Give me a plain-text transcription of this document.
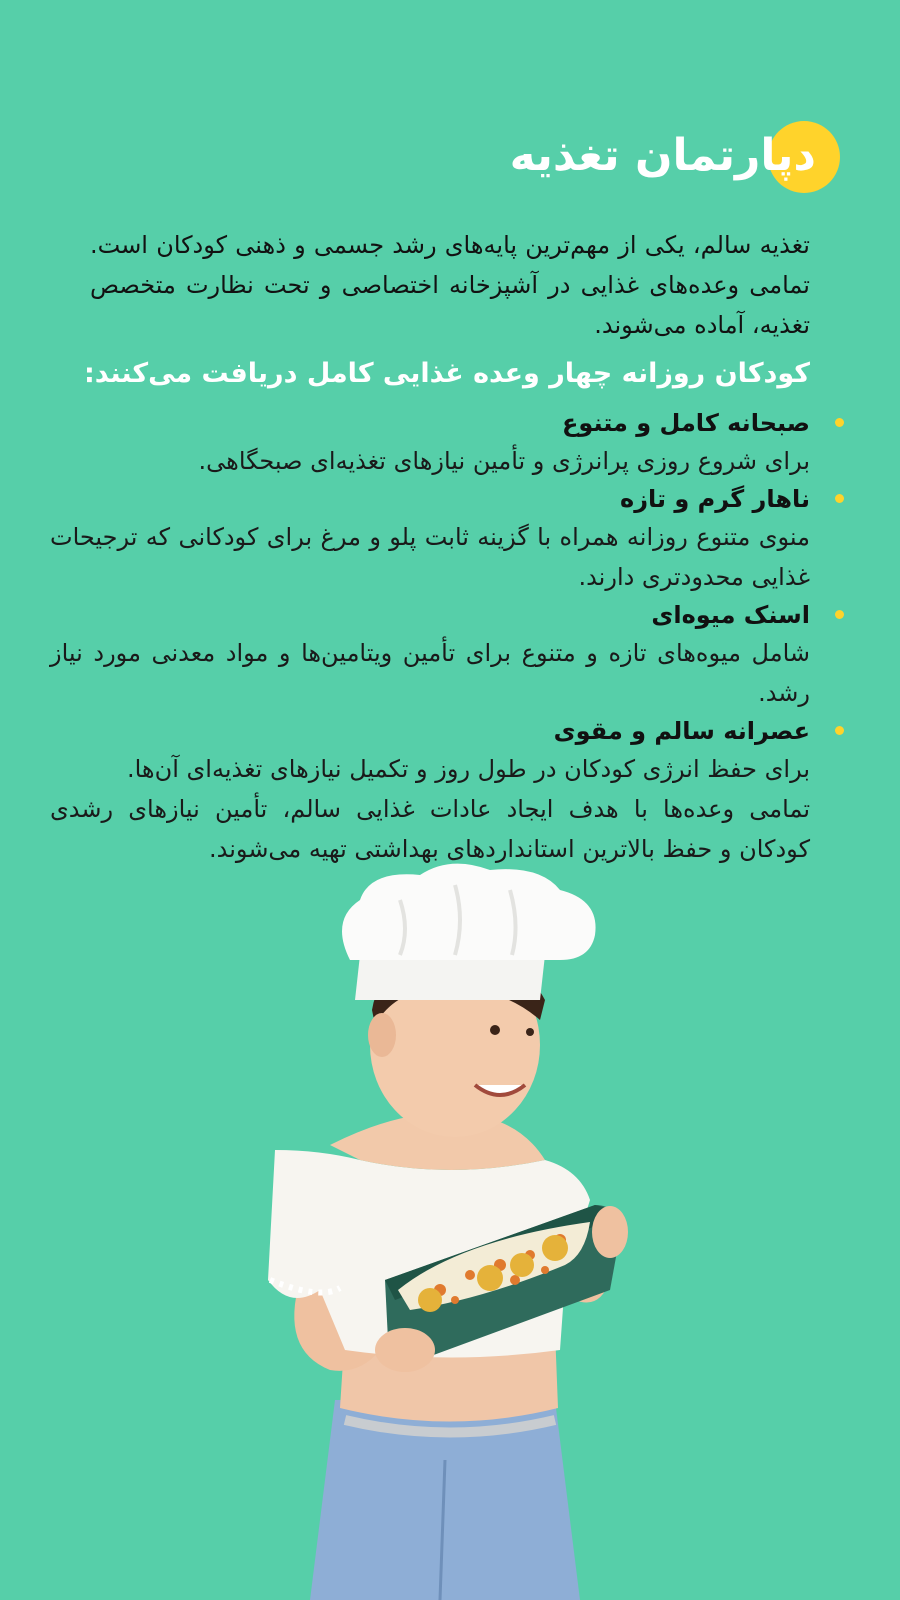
دپارتمان تغذیه

تغذیه سالم، یکی از مهم‌ترین پایه‌های رشد جسمی و ذهنی کودکان است. تمامی وعده‌های غذایی در آشپزخانه اختصاصی و تحت نظارت متخصص تغذیه، آماده می‌شوند.

کودکان روزانه چهار وعده غذایی کامل دریافت می‌کنند:
صبحانه کامل و متنوع
برای شروع روزی پرانرژی و تأمین نیازهای تغذیه‌ای صبحگاهی.
ناهار گرم و تازه
منوی متنوع روزانه همراه با گزینه ثابت پلو و مرغ برای کودکانی که ترجیحات غذایی محدودتری دارند.
اسنک میوه‌ای
شامل میوه‌های تازه و متنوع برای تأمین ویتامین‌ها و مواد معدنی مورد نیاز رشد.
عصرانه سالم و مقوی
برای حفظ انرژی کودکان در طول روز و تکمیل نیازهای تغذیه‌ای آن‌ها.

تمامی وعده‌ها با هدف ایجاد عادات غذایی سالم، تأمین نیازهای رشدی کودکان و حفظ بالاترین استانداردهای بهداشتی تهیه می‌شوند.
